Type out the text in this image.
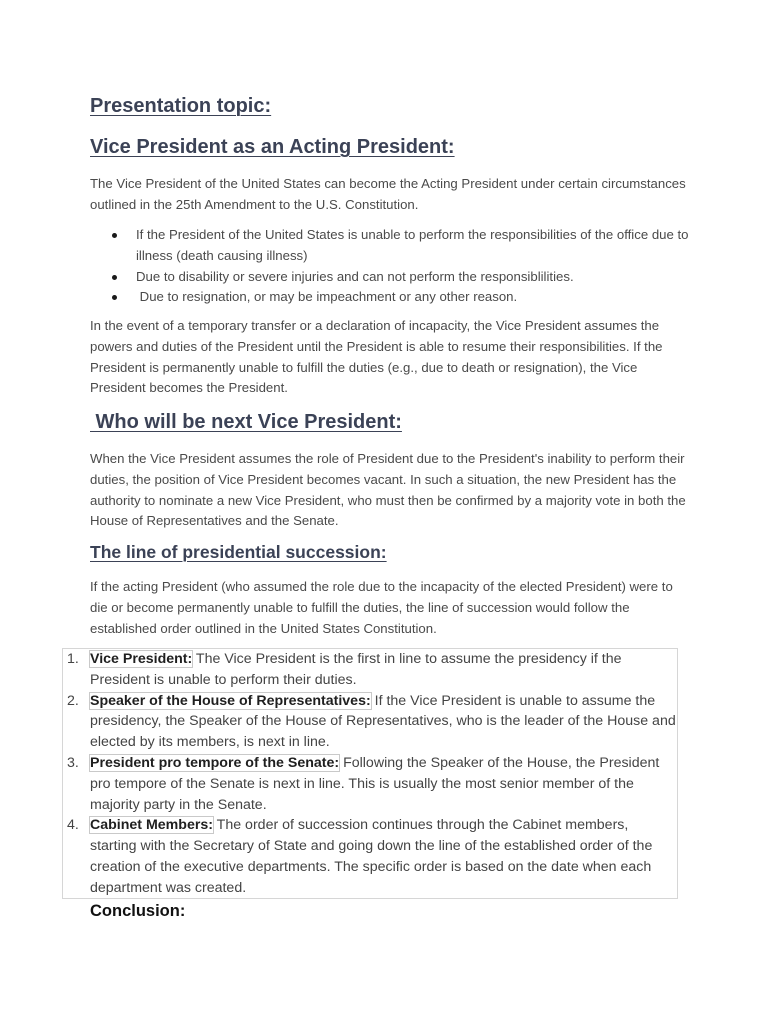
Presentation topic:
Vice President as an Acting President:

The Vice President of the United States can become the Acting President under certain circumstances outlined in the 25th Amendment to the U.S. Constitution.

If the President of the United States is unable to perform the responsibilities of the office due to illness (death causing illness)
Due to disability or severe injuries and can not perform the responsiblilities.
Due to resignation, or may be impeachment or any other reason.

In the event of a temporary transfer or a declaration of incapacity, the Vice President assumes the powers and duties of the President until the President is able to resume their responsibilities. If the President is permanently unable to fulfill the duties (e.g., due to death or resignation), the Vice President becomes the President.

Who will be next Vice President:

When the Vice President assumes the role of President due to the President's inability to perform their duties, the position of Vice President becomes vacant. In such a situation, the new President has the authority to nominate a new Vice President, who must then be confirmed by a majority vote in both the House of Representatives and the Senate.

The line of presidential succession:

If the acting President (who assumed the role due to the incapacity of the elected President) were to die or become permanently unable to fulfill the duties, the line of succession would follow the established order outlined in the United States Constitution.

1. Vice President: The Vice President is the first in line to assume the presidency if the President is unable to perform their duties.
2. Speaker of the House of Representatives: If the Vice President is unable to assume the presidency, the Speaker of the House of Representatives, who is the leader of the House and elected by its members, is next in line.
3. President pro tempore of the Senate: Following the Speaker of the House, the President pro tempore of the Senate is next in line. This is usually the most senior member of the majority party in the Senate.
4. Cabinet Members: The order of succession continues through the Cabinet members, starting with the Secretary of State and going down the line of the established order of the creation of the executive departments. The specific order is based on the date when each department was created.
Conclusion:
